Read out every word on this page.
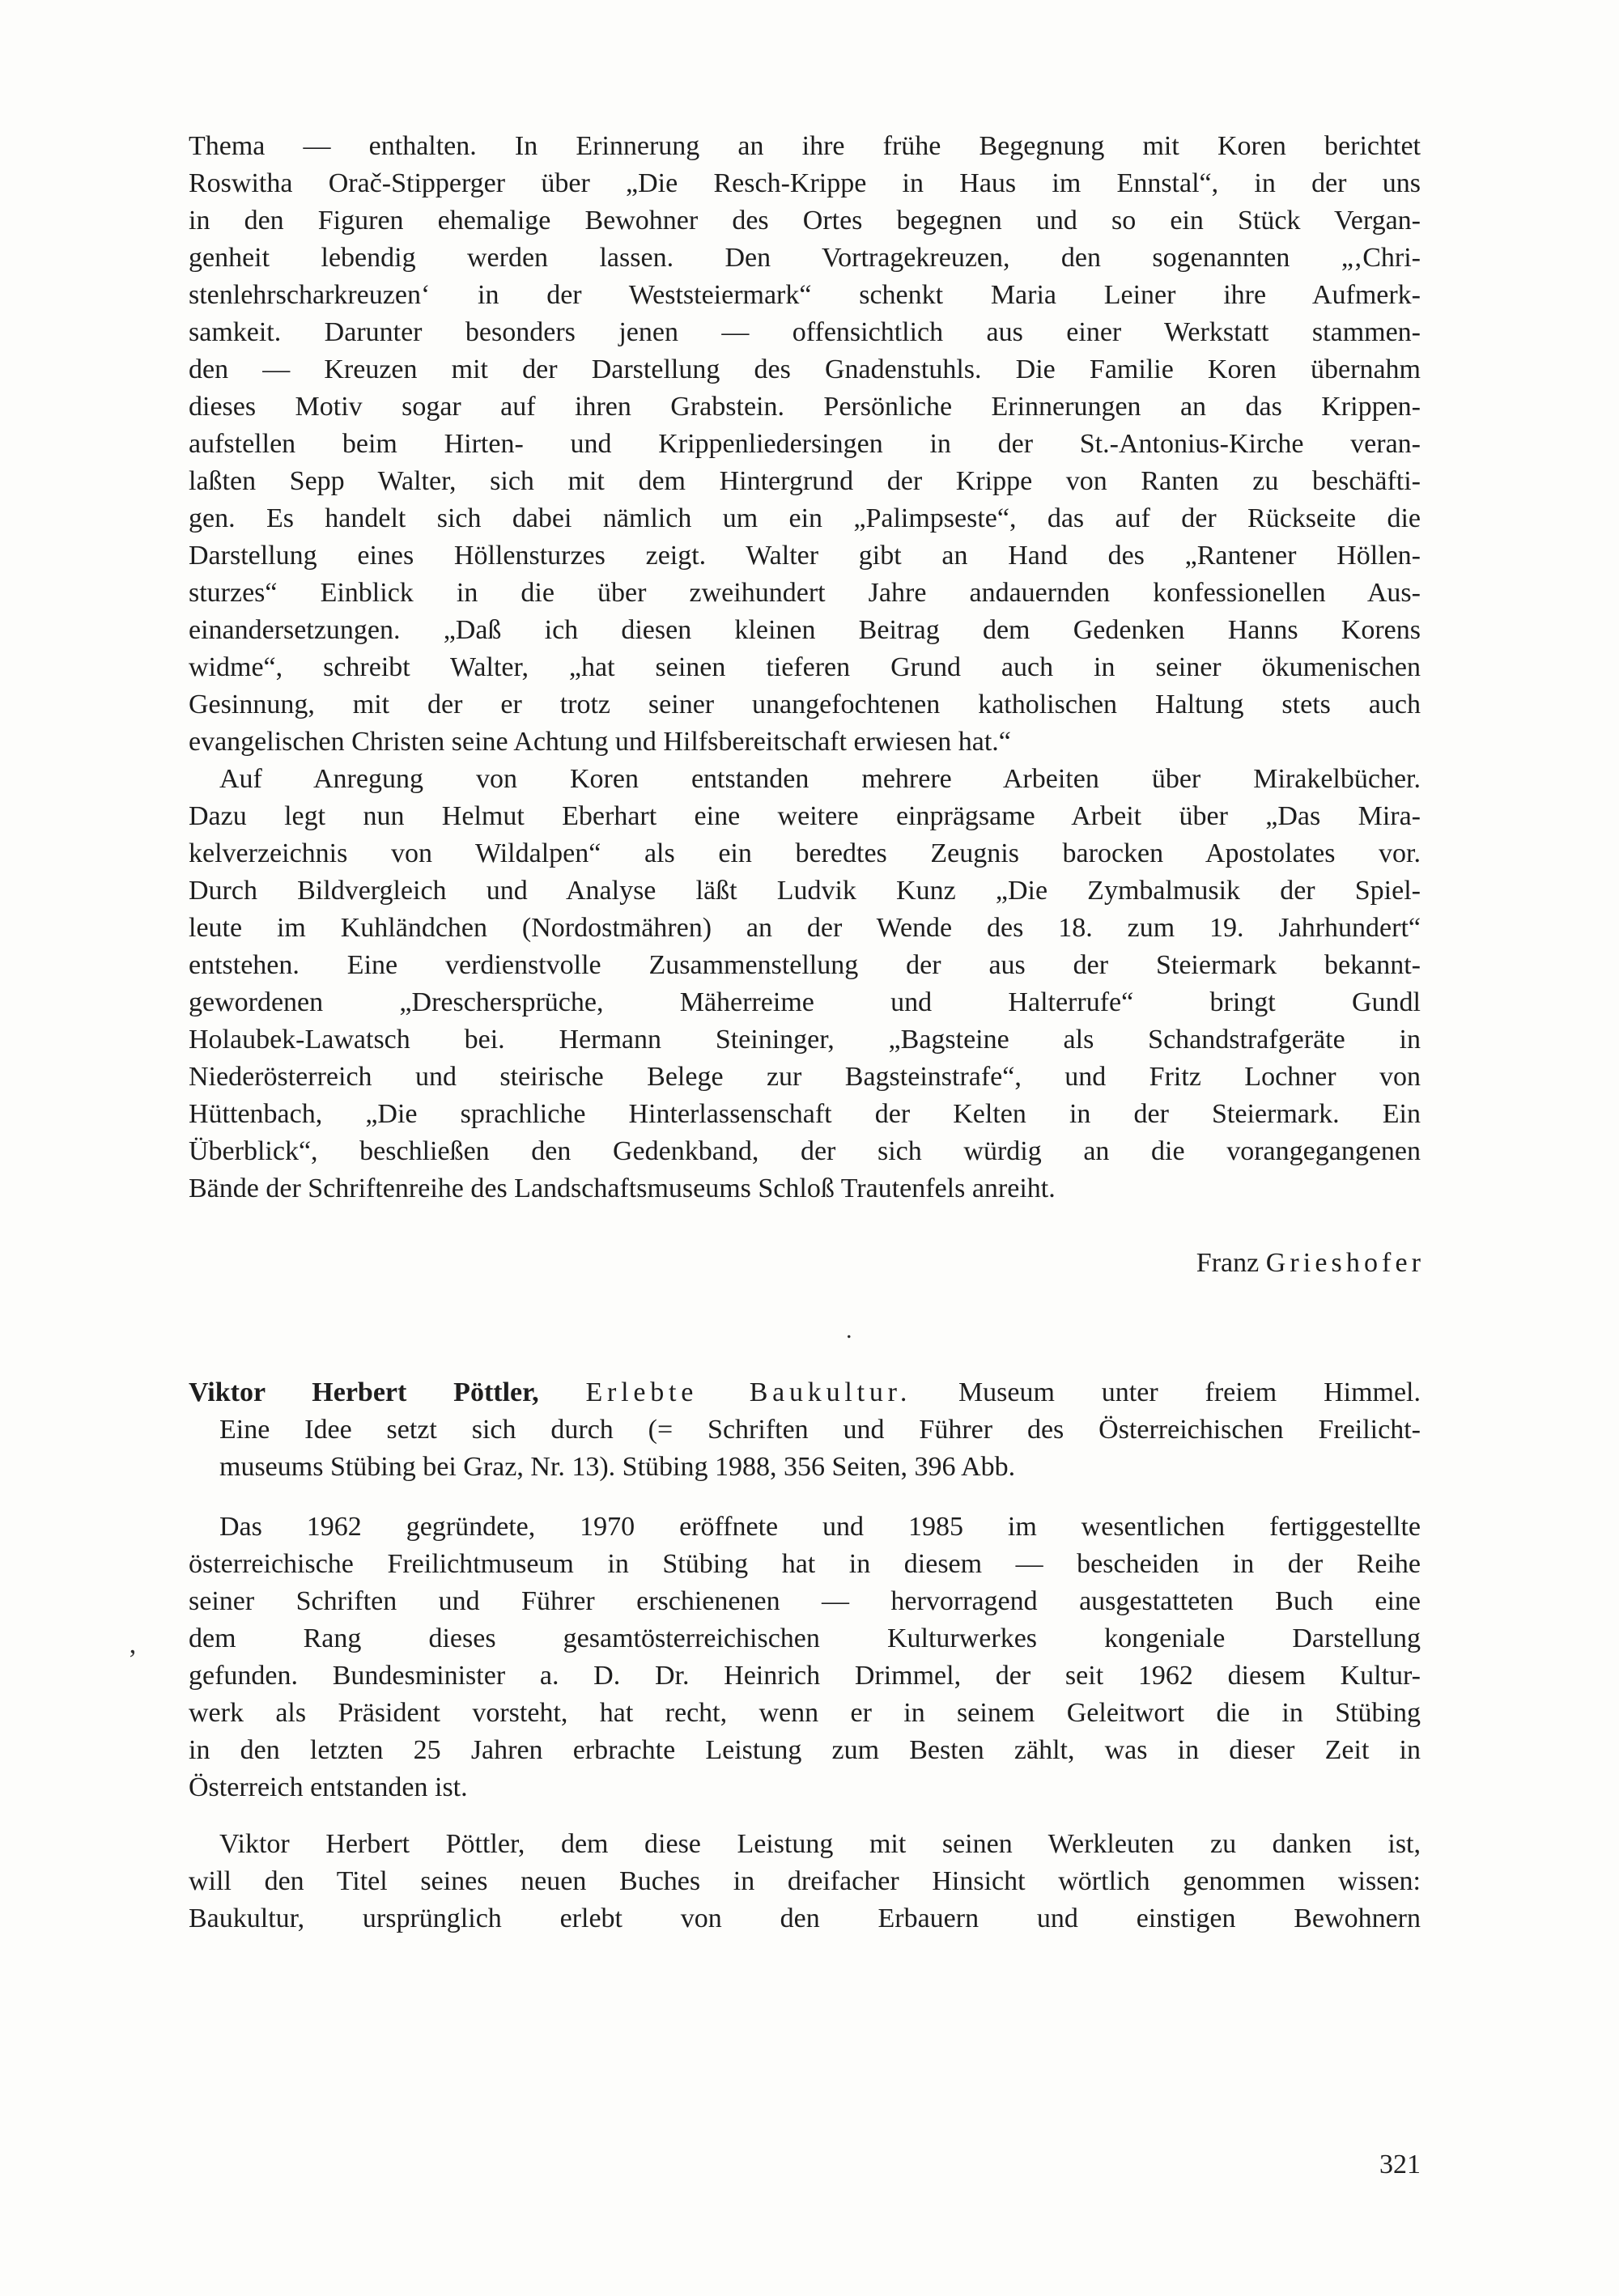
Thema — enthalten. In Erinnerung an ihre frühe Begegnung mit Koren berichtet
Roswitha Orač-Stipperger über „Die Resch-Krippe in Haus im Ennstal“, in der uns
in den Figuren ehemalige Bewohner des Ortes begegnen und so ein Stück Vergan-
genheit lebendig werden lassen. Den Vortragekreuzen, den sogenannten „‚Chri-
stenlehrscharkreuzen‘ in der Weststeiermark“ schenkt Maria Leiner ihre Aufmerk-
samkeit. Darunter besonders jenen — offensichtlich aus einer Werkstatt stammen-
den — Kreuzen mit der Darstellung des Gnadenstuhls. Die Familie Koren übernahm
dieses Motiv sogar auf ihren Grabstein. Persönliche Erinnerungen an das Krippen-
aufstellen beim Hirten- und Krippenliedersingen in der St.-Antonius-Kirche veran-
laßten Sepp Walter, sich mit dem Hintergrund der Krippe von Ranten zu beschäfti-
gen. Es handelt sich dabei nämlich um ein „Palimpseste“, das auf der Rückseite die
Darstellung eines Höllensturzes zeigt. Walter gibt an Hand des „Rantener Höllen-
sturzes“ Einblick in die über zweihundert Jahre andauernden konfessionellen Aus-
einandersetzungen. „Daß ich diesen kleinen Beitrag dem Gedenken Hanns Korens
widme“, schreibt Walter, „hat seinen tieferen Grund auch in seiner ökumenischen
Gesinnung, mit der er trotz seiner unangefochtenen katholischen Haltung stets auch
evangelischen Christen seine Achtung und Hilfsbereitschaft erwiesen hat.“
Auf Anregung von Koren entstanden mehrere Arbeiten über Mirakelbücher.
Dazu legt nun Helmut Eberhart eine weitere einprägsame Arbeit über „Das Mira-
kelverzeichnis von Wildalpen“ als ein beredtes Zeugnis barocken Apostolates vor.
Durch Bildvergleich und Analyse läßt Ludvik Kunz „Die Zymbalmusik der Spiel-
leute im Kuhländchen (Nordostmähren) an der Wende des 18. zum 19. Jahrhundert“
entstehen. Eine verdienstvolle Zusammenstellung der aus der Steiermark bekannt-
gewordenen „Dreschersprüche, Mäherreime und Halterrufe“ bringt Gundl
Holaubek-Lawatsch bei. Hermann Steininger, „Bagsteine als Schandstrafgeräte in
Niederösterreich und steirische Belege zur Bagsteinstrafe“, und Fritz Lochner von
Hüttenbach, „Die sprachliche Hinterlassenschaft der Kelten in der Steiermark. Ein
Überblick“, beschließen den Gedenkband, der sich würdig an die vorangegangenen
Bände der Schriftenreihe des Landschaftsmuseums Schloß Trautenfels anreiht.
Franz Grieshofer
Viktor Herbert Pöttler, Erlebte Baukultur. Museum unter freiem Himmel.
Eine Idee setzt sich durch (= Schriften und Führer des Österreichischen Freilicht-
museums Stübing bei Graz, Nr. 13). Stübing 1988, 356 Seiten, 396 Abb.
Das 1962 gegründete, 1970 eröffnete und 1985 im wesentlichen fertiggestellte
österreichische Freilichtmuseum in Stübing hat in diesem — bescheiden in der Reihe
seiner Schriften und Führer erschienenen — hervorragend ausgestatteten Buch eine
dem Rang dieses gesamtösterreichischen Kulturwerkes kongeniale Darstellung
gefunden. Bundesminister a. D. Dr. Heinrich Drimmel, der seit 1962 diesem Kultur-
werk als Präsident vorsteht, hat recht, wenn er in seinem Geleitwort die in Stübing
in den letzten 25 Jahren erbrachte Leistung zum Besten zählt, was in dieser Zeit in
Österreich entstanden ist.
Viktor Herbert Pöttler, dem diese Leistung mit seinen Werkleuten zu danken ist,
will den Titel seines neuen Buches in dreifacher Hinsicht wörtlich genommen wissen:
Baukultur, ursprünglich erlebt von den Erbauern und einstigen Bewohnern
321
’
.
